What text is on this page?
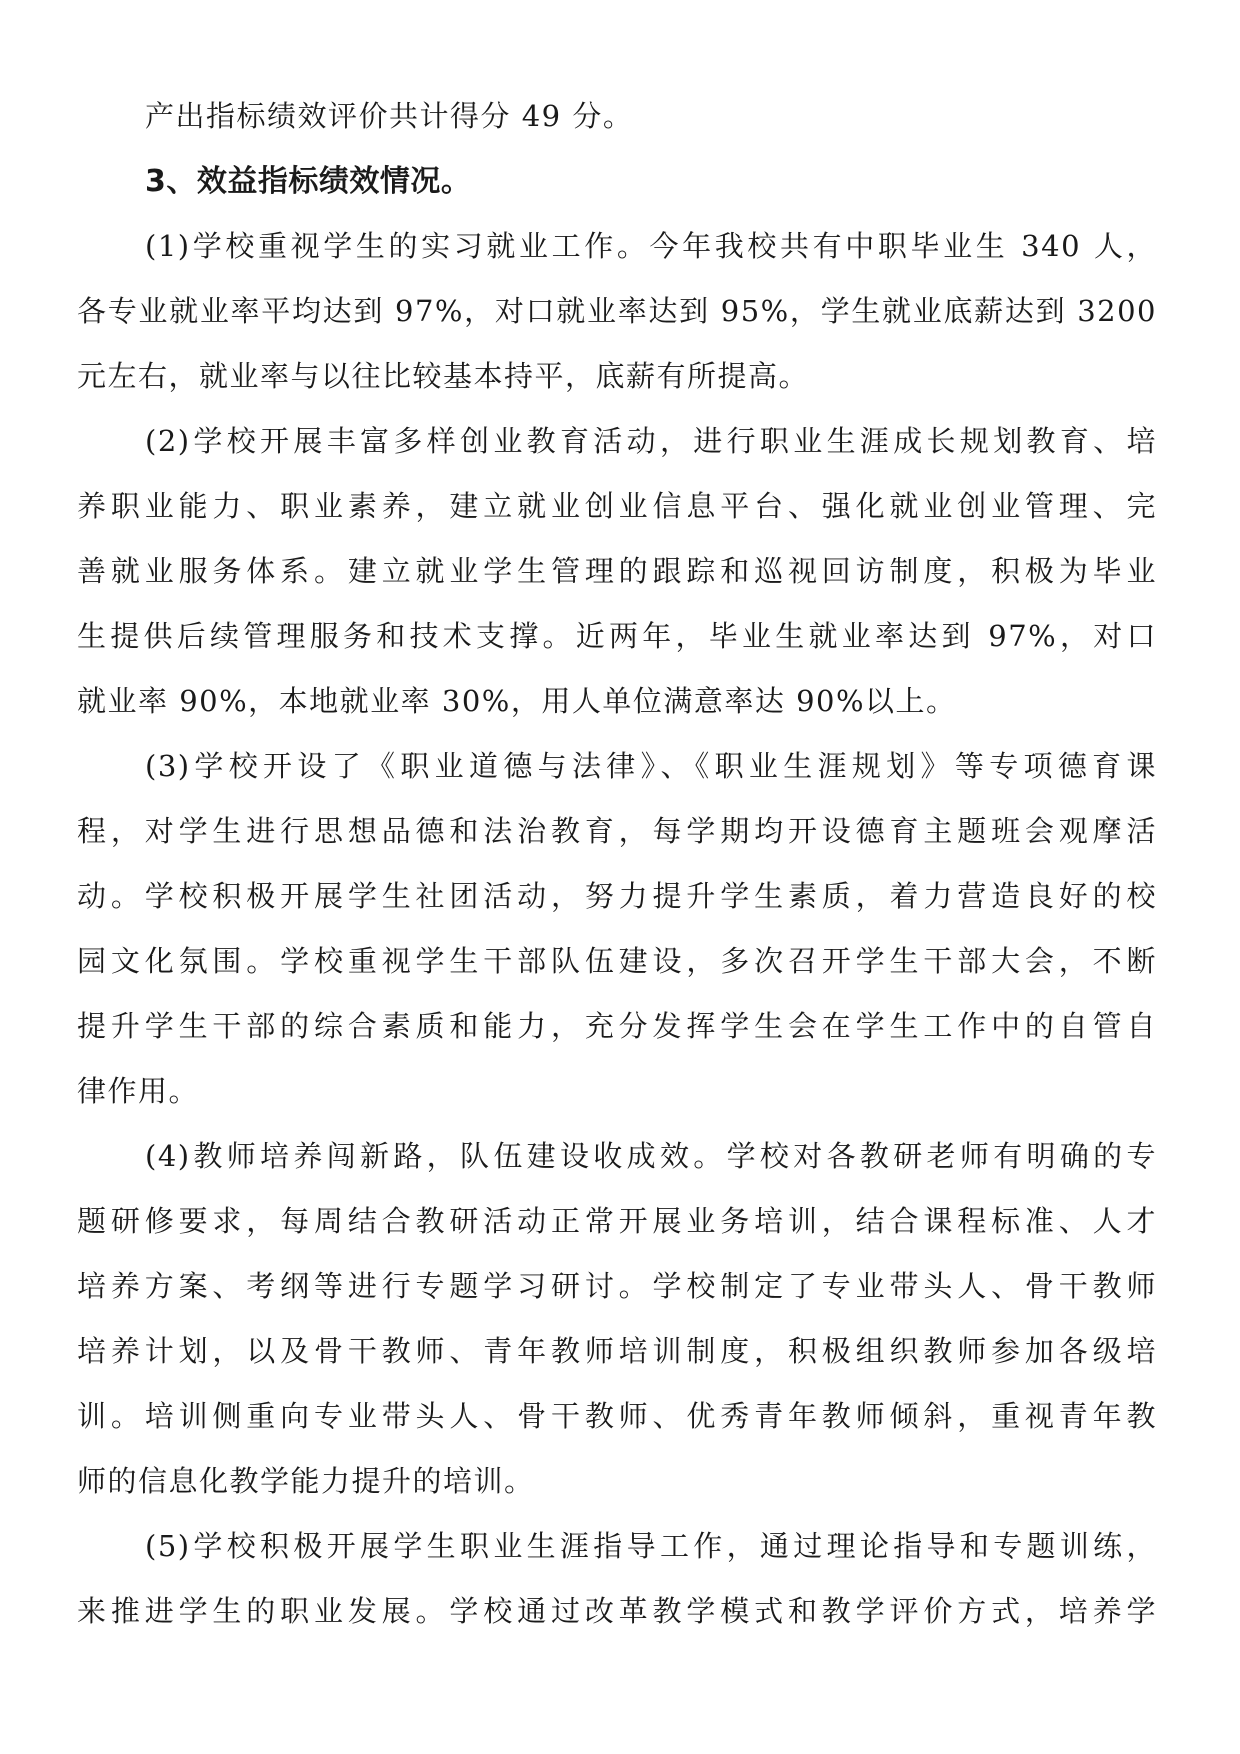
产出指标绩效评价共计得分 49 分。
3、效益指标绩效情况。
(1)学校重视学生的实习就业工作。今年我校共有中职毕业生 340 人，
各专业就业率平均达到 97%，对口就业率达到 95%，学生就业底薪达到 3200
元左右，就业率与以往比较基本持平，底薪有所提高。
(2)学校开展丰富多样创业教育活动，进行职业生涯成长规划教育、培
养职业能力、职业素养，建立就业创业信息平台、强化就业创业管理、完
善就业服务体系。建立就业学生管理的跟踪和巡视回访制度，积极为毕业
生提供后续管理服务和技术支撑。近两年，毕业生就业率达到 97%，对口
就业率 90%，本地就业率 30%，用人单位满意率达 90%以上。
(3)学校开设了《职业道德与法律》、《职业生涯规划》等专项德育课
程，对学生进行思想品德和法治教育，每学期均开设德育主题班会观摩活
动。学校积极开展学生社团活动，努力提升学生素质，着力营造良好的校
园文化氛围。学校重视学生干部队伍建设，多次召开学生干部大会，不断
提升学生干部的综合素质和能力，充分发挥学生会在学生工作中的自管自
律作用。
(4)教师培养闯新路，队伍建设收成效。学校对各教研老师有明确的专
题研修要求，每周结合教研活动正常开展业务培训，结合课程标准、人才
培养方案、考纲等进行专题学习研讨。学校制定了专业带头人、骨干教师
培养计划，以及骨干教师、青年教师培训制度，积极组织教师参加各级培
训。培训侧重向专业带头人、骨干教师、优秀青年教师倾斜，重视青年教
师的信息化教学能力提升的培训。
(5)学校积极开展学生职业生涯指导工作，通过理论指导和专题训练，
来推进学生的职业发展。学校通过改革教学模式和教学评价方式，培养学
